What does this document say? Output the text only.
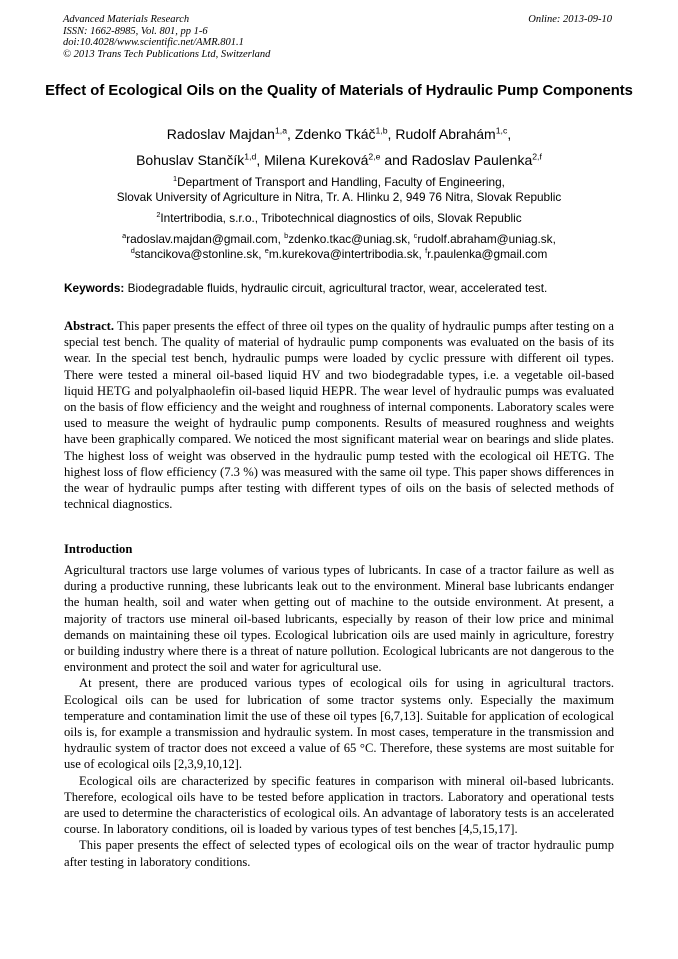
Advanced Materials Research
ISSN: 1662-8985, Vol. 801, pp 1-6
doi:10.4028/www.scientific.net/AMR.801.1
© 2013 Trans Tech Publications Ltd, Switzerland
Online: 2013-09-10
Effect of Ecological Oils on the Quality of Materials of Hydraulic Pump Components
Radoslav Majdan$^{1,a}$, Zdenko Tkáč$^{1,b}$, Rudolf Abrahám$^{1,c}$,
Bohuslav Stančík$^{1,d}$, Milena Kureková$^{2,e}$ and Radoslav Paulenka$^{2,f}$
$^1$Department of Transport and Handling, Faculty of Engineering,
Slovak University of Agriculture in Nitra, Tr. A. Hlinku 2, 949 76 Nitra, Slovak Republic
$^2$Intertribodia, s.r.o., Tribotechnical diagnostics of oils, Slovak Republic
$^a$radoslav.majdan@gmail.com, $^b$zdenko.tkac@uniag.sk, $^c$rudolf.abraham@uniag.sk,
$^d$stancikova@stonline.sk, $^e$m.kurekova@intertribodia.sk, $^f$r.paulenka@gmail.com
Keywords: Biodegradable fluids, hydraulic circuit, agricultural tractor, wear, accelerated test.
Abstract. This paper presents the effect of three oil types on the quality of hydraulic pumps after testing on a special test bench. The quality of material of hydraulic pump components was evaluated on the basis of its wear. In the special test bench, hydraulic pumps were loaded by cyclic pressure with different oil types. There were tested a mineral oil-based liquid HV and two biodegradable types, i.e. a vegetable oil-based liquid HETG and polyalphaolefin oil-based liquid HEPR. The wear level of hydraulic pumps was evaluated on the basis of flow efficiency and the weight and roughness of internal components. Laboratory scales were used to measure the weight of hydraulic pump components. Results of measured roughness and weights have been graphically compared. We noticed the most significant material wear on bearings and slide plates. The highest loss of weight was observed in the hydraulic pump tested with the ecological oil HETG. The highest loss of flow efficiency (7.3 %) was measured with the same oil type. This paper shows differences in the wear of hydraulic pumps after testing with different types of oils on the basis of selected methods of technical diagnostics.
Introduction

Agricultural tractors use large volumes of various types of lubricants. In case of a tractor failure as well as during a productive running, these lubricants leak out to the environment. Mineral base lubricants endanger the human health, soil and water when getting out of machine to the outside environment. At present, a majority of tractors use mineral oil-based lubricants, especially by reason of their low price and minimal demands on maintaining these oil types. Ecological lubrication oils are used mainly in agriculture, forestry or building industry where there is a threat of nature pollution. Ecological lubricants are not dangerous to the environment and protect the soil and water for agricultural use.

At present, there are produced various types of ecological oils for using in agricultural tractors. Ecological oils can be used for lubrication of some tractor systems only. Especially the maximum temperature and contamination limit the use of these oil types [6,7,13]. Suitable for application of ecological oils is, for example a transmission and hydraulic system. In most cases, temperature in the transmission and hydraulic system of tractor does not exceed a value of 65 °C. Therefore, these systems are most suitable for use of ecological oils [2,3,9,10,12].

Ecological oils are characterized by specific features in comparison with mineral oil-based lubricants. Therefore, ecological oils have to be tested before application in tractors. Laboratory and operational tests are used to determine the characteristics of ecological oils. An advantage of laboratory tests is an accelerated course. In laboratory conditions, oil is loaded by various types of test benches [4,5,15,17].

This paper presents the effect of selected types of ecological oils on the wear of tractor hydraulic pump after testing in laboratory conditions.
